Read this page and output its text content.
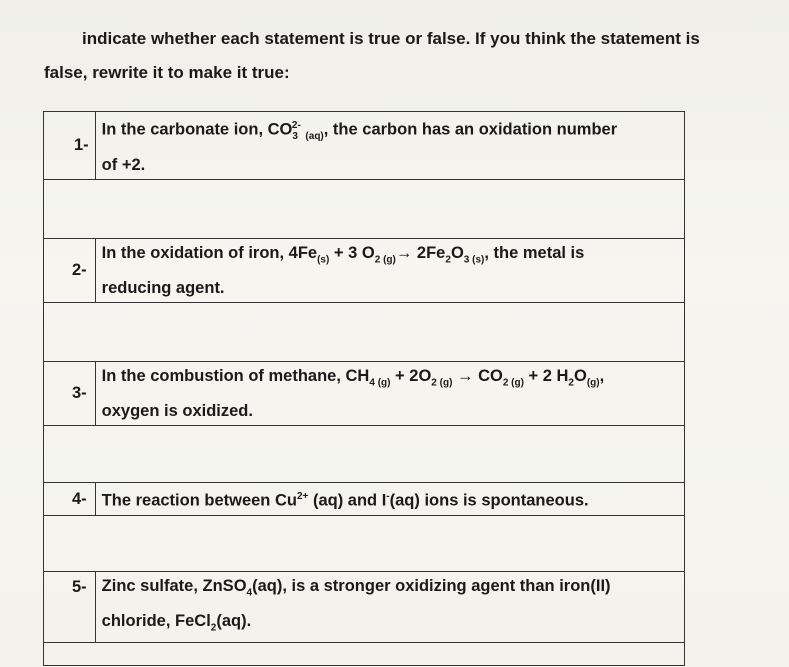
indicate whether each statement is true or false. If you think the statement is
false, rewrite it to make it true:
1-	In the carbonate ion, $CO_3^{2-}$ $_{(aq)}$, the carbon has an oxidation number
of +2.

2-	In the oxidation of iron, $4Fe_{(s)} + 3$ $O_{2 (g)}\to 2Fe_2O_{3 (s)}$, the metal is
reducing agent.

3-	In the combustion of methane, $CH_{4 (g)} + 2O_{2 (g)} \to CO_{2 (g)} + 2$ $H_2O_{(g)}$,
oxygen is oxidized.

4-	The reaction between $Cu^{2+}$ (aq) and I-(aq) ions is spontaneous.

5-	Zinc sulfate, ZnSO$_4$(aq), is a stronger oxidizing agent than iron(II)
chloride, FeCl$_2$(aq).
